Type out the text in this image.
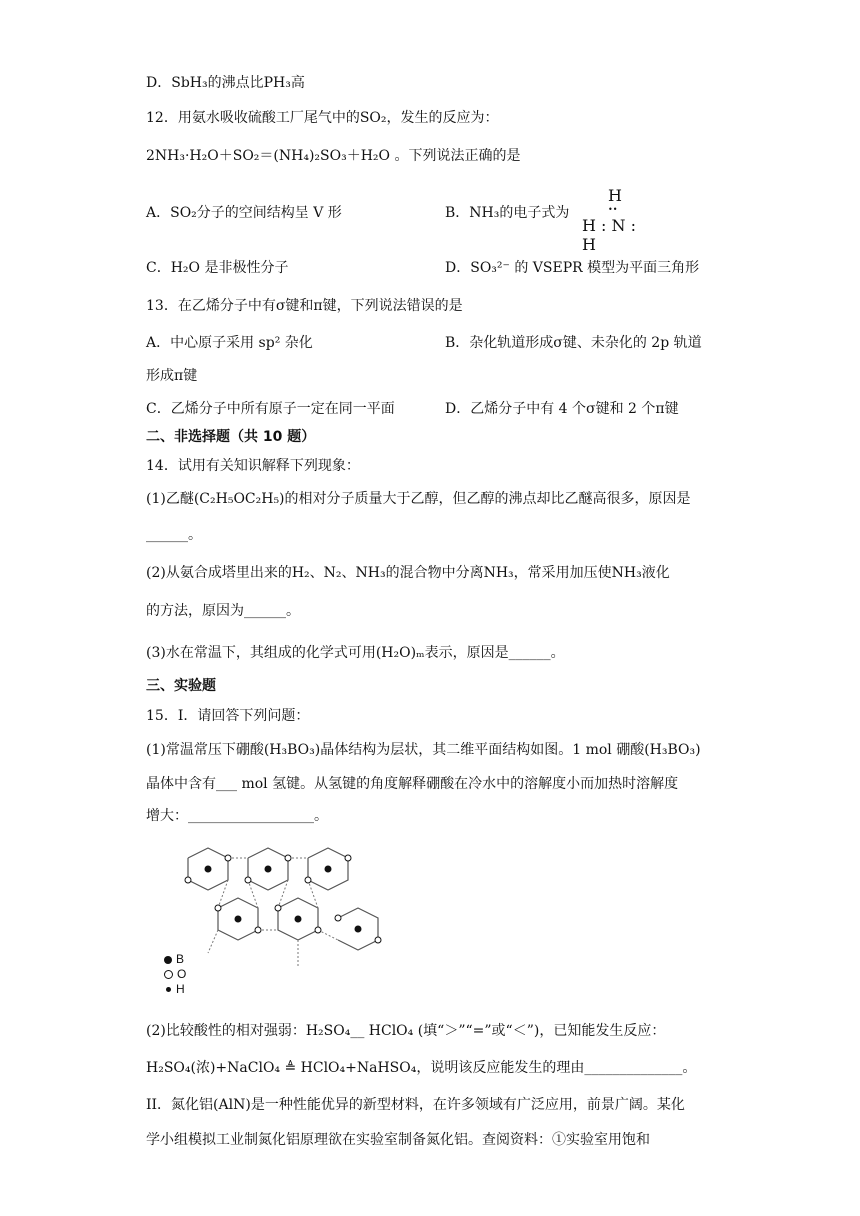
D．SbH₃的沸点比PH₃高
12．用氨水吸收硫酸工厂尾气中的SO₂，发生的反应为：
2NH₃·H₂O＋SO₂＝(NH₄)₂SO₃＋H₂O 。下列说法正确的是
A．SO₂分子的空间结构呈 V 形	B．NH₃的电子式为
H
••
H : N : H
C．H₂O 是非极性分子	D．SO₃²⁻ 的 VSEPR 模型为平面三角形
13．在乙烯分子中有σ键和π键，下列说法错误的是
A．中心原子采用 sp² 杂化	B．杂化轨道形成σ键、未杂化的 2p 轨道
形成π键
C．乙烯分子中所有原子一定在同一平面	D．乙烯分子中有 4 个σ键和 2 个π键
二、非选择题（共 10 题）
14．试用有关知识解释下列现象：
(1)乙醚(C₂H₅OC₂H₅)的相对分子质量大于乙醇，但乙醇的沸点却比乙醚高很多，原因是
______。
(2)从氨合成塔里出来的H₂、N₂、NH₃的混合物中分离NH₃，常采用加压使NH₃液化
的方法，原因为______。
(3)水在常温下，其组成的化学式可用(H₂O)ₘ表示，原因是______。
三、实验题
15．I．请回答下列问题：
(1)常温常压下硼酸(H₃BO₃)晶体结构为层状，其二维平面结构如图。1 mol 硼酸(H₃BO₃)
晶体中含有___ mol 氢键。从氢键的角度解释硼酸在冷水中的溶解度小而加热时溶解度
增大：__________________。
B
O
H
(2)比较酸性的相对强弱：H₂SO₄__ HClO₄ (填“＞”“=”或“＜”)，已知能发生反应：
H₂SO₄(浓)+NaClO₄ ≜ HClO₄+NaHSO₄，说明该反应能发生的理由______________。
II．氮化铝(AlN)是一种性能优异的新型材料，在许多领域有广泛应用，前景广阔。某化
学小组模拟工业制氮化铝原理欲在实验室制备氮化铝。查阅资料：①实验室用饱和
